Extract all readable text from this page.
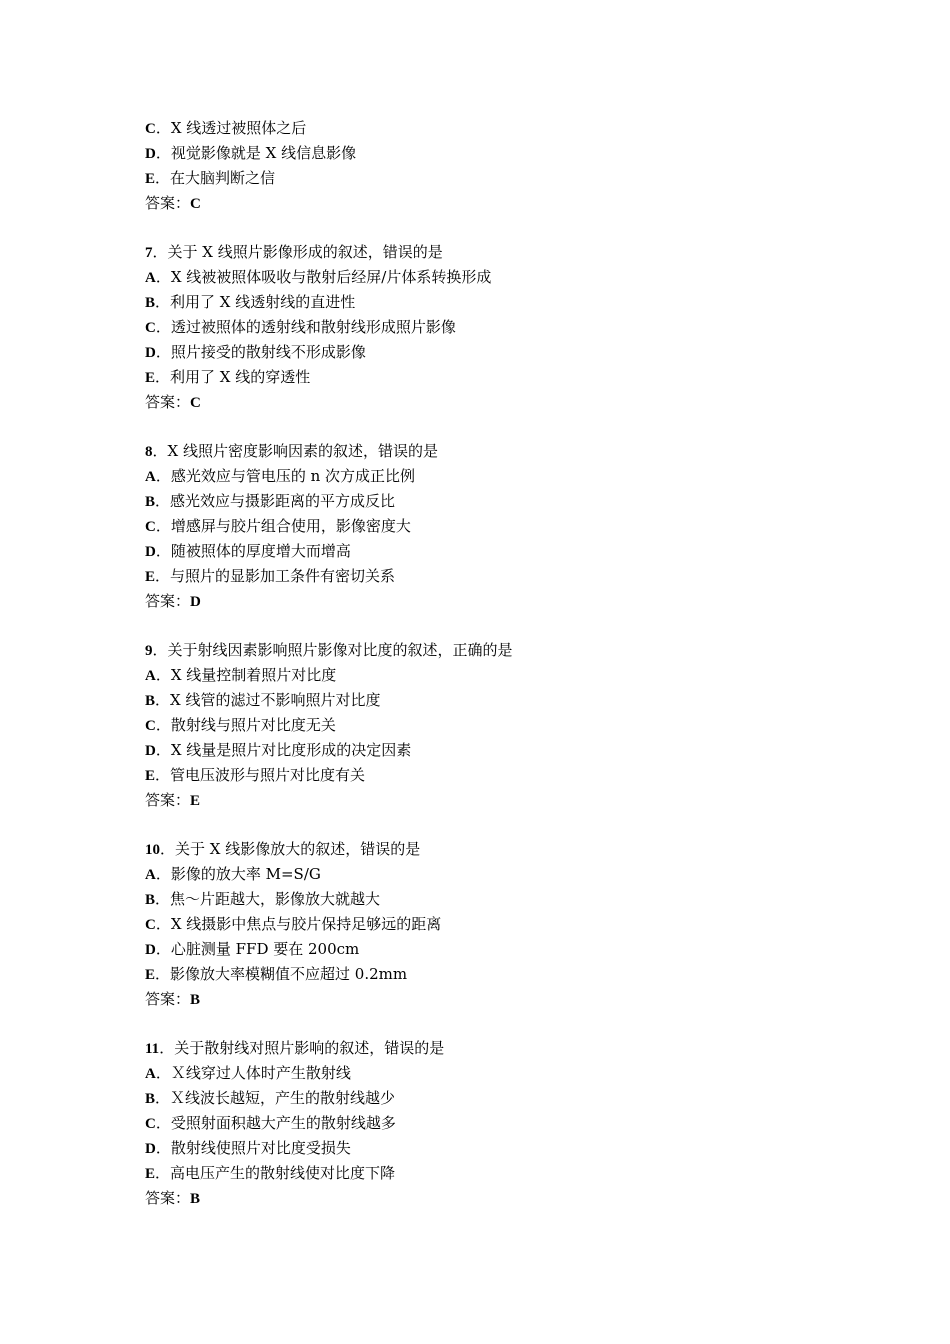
C．X 线透过被照体之后
D．视觉影像就是 X 线信息影像
E．在大脑判断之信
答案：C
7．关于 X 线照片影像形成的叙述，错误的是
A．X 线被被照体吸收与散射后经屏/片体系转换形成
B．利用了 X 线透射线的直进性
C．透过被照体的透射线和散射线形成照片影像
D．照片接受的散射线不形成影像
E．利用了 X 线的穿透性
答案：C
8．X 线照片密度影响因素的叙述，错误的是
A．感光效应与管电压的 n 次方成正比例
B．感光效应与摄影距离的平方成反比
C．增感屏与胶片组合使用，影像密度大
D．随被照体的厚度增大而增高
E．与照片的显影加工条件有密切关系
答案：D
9．关于射线因素影响照片影像对比度的叙述，正确的是
A．X 线量控制着照片对比度
B．X 线管的滤过不影响照片对比度
C．散射线与照片对比度无关
D．X 线量是照片对比度形成的决定因素
E．管电压波形与照片对比度有关
答案：E
10．关于 X 线影像放大的叙述，错误的是
A．影像的放大率 M=S/G
B．焦～片距越大，影像放大就越大
C．X 线摄影中焦点与胶片保持足够远的距离
D．心脏测量 FFD 要在 200cm
E．影像放大率模糊值不应超过 0.2mm
答案：B
11．关于散射线对照片影响的叙述，错误的是
A．Ｘ线穿过人体时产生散射线
B．Ｘ线波长越短，产生的散射线越少
C．受照射面积越大产生的散射线越多
D．散射线使照片对比度受损失
E．高电压产生的散射线使对比度下降
答案：B
